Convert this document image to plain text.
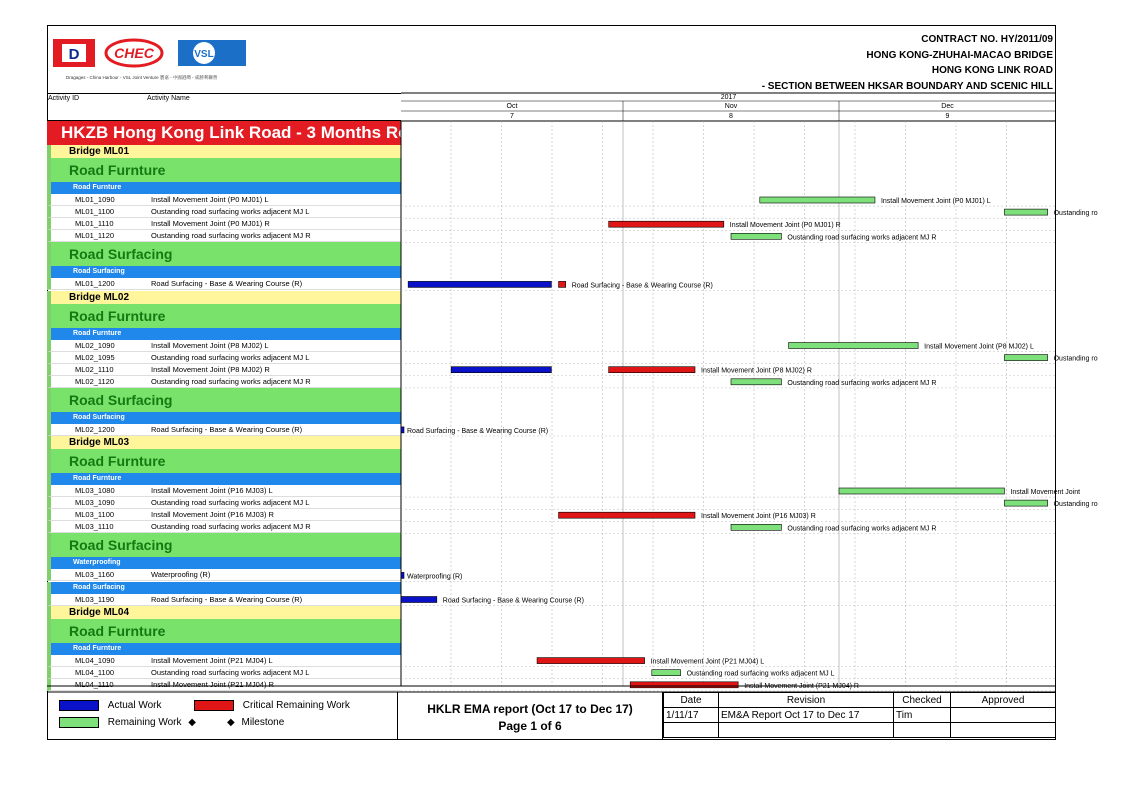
D CHEC	VSL
Dragages - China Harbour - VSL Joint Venture 寶嘉 - 中國港灣 - 威勝利聯營
CONTRACT NO. HY/2011/09
HONG KONG-ZHUHAI-MACAO BRIDGE
HONG KONG LINK ROAD
- SECTION BETWEEN HKSAR BOUNDARY AND SCENIC HILL
Activity ID	Activity Name
HKZB Hong Kong Link Road - 3 Months Rolling Programme
Bridge ML01
Road Furnture
Road Furnture
ML01_1090	Install Movement Joint (P0 MJ01) L
ML01_1100	Oustanding road surfacing works adjacent MJ L
ML01_1110	Install Movement Joint (P0 MJ01) R
ML01_1120	Oustanding road surfacing works adjacent MJ R
Road Surfacing
Road Surfacing
ML01_1200	Road Surfacing - Base & Wearing Course (R)
Bridge ML02
Road Furnture
Road Furnture
ML02_1090	Install Movement Joint (P8 MJ02) L
ML02_1095	Oustanding road surfacing works adjacent MJ L
ML02_1110	Install Movement Joint (P8 MJ02) R
ML02_1120	Oustanding road surfacing works adjacent MJ R
Road Surfacing
Road Surfacing
ML02_1200	Road Surfacing - Base & Wearing Course (R)
Bridge ML03
Road Furnture
Road Furnture
ML03_1080	Install Movement Joint (P16 MJ03) L
ML03_1090	Oustanding road surfacing works adjacent MJ L
ML03_1100	Install Movement Joint (P16 MJ03) R
ML03_1110	Oustanding road surfacing works adjacent MJ R
Road Surfacing
Waterproofing
ML03_1160	Waterproofing (R)
Road Surfacing
ML03_1190	Road Surfacing - Base & Wearing Course (R)
Bridge ML04
Road Furnture
Road Furnture
ML04_1090	Install Movement Joint (P21 MJ04) L
ML04_1100	Oustanding road surfacing works adjacent MJ L
ML04_1110	Install Movement Joint (P21 MJ04) R
2017
Oct
7
Nov
8
Dec
9
Install Movement Joint (P0 MJ01) L
Oustanding ro
Install Movement Joint (P0 MJ01) R
Oustanding road surfacing works adjacent MJ R
Road Surfacing - Base & Wearing Course (R)
Install Movement Joint (P8 MJ02) L
Oustanding ro
Install Movement Joint (P8 MJ02) R
Oustanding road surfacing works adjacent MJ R
Road Surfacing - Base & Wearing Course (R)
Install Movement Joint
Oustanding ro
Install Movement Joint (P16 MJ03) R
Oustanding road surfacing works adjacent MJ R
Waterproofing (R)
Road Surfacing - Base & Wearing Course (R)
Install Movement Joint (P21 MJ04) L
Oustanding road surfacing works adjacent MJ L
Install Movement Joint (P21 MJ04) R
Actual Work	Critical Remaining Work
Remaining Work ◆	◆ Milestone
HKLR EMA report (Oct 17 to Dec 17)
Page 1 of 6
Date	Revision	Checked	Approved
1/11/17	EM&A Report Oct 17 to Dec 17	Tim	
